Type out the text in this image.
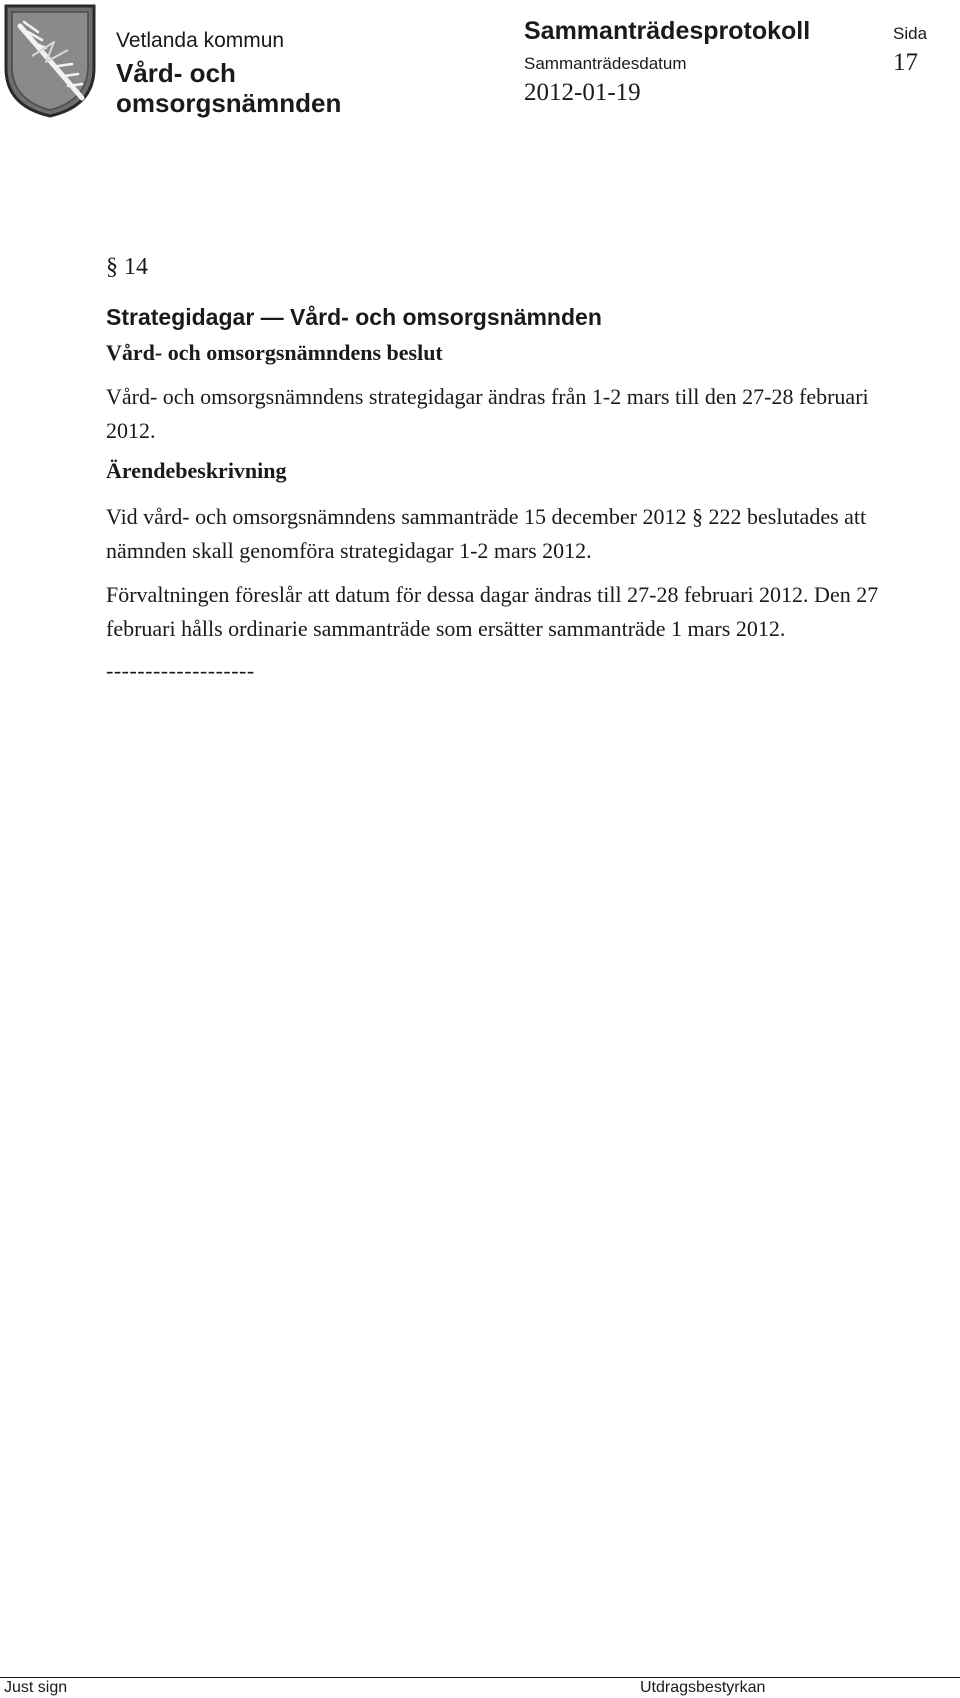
Vetlanda kommun
Vård- och
omsorgsnämnden
Sammanträdesprotokoll
Sammanträdesdatum
2012-01-19
Sida
17
§ 14
Strategidagar — Vård- och omsorgsnämnden
Vård- och omsorgsnämndens beslut

Vård- och omsorgsnämndens strategidagar ändras från 1-2 mars till den 27-28 februari 2012.

Ärendebeskrivning

Vid vård- och omsorgsnämndens sammanträde 15 december 2012 § 222 beslutades att nämnden skall genomföra strategidagar 1-2 mars 2012.

Förvaltningen föreslår att datum för dessa dagar ändras till 27-28 februari 2012. Den 27 februari hålls ordinarie sammanträde som ersätter sammanträde 1 mars 2012.

-------------------
Just sign	Utdragsbestyrkan
